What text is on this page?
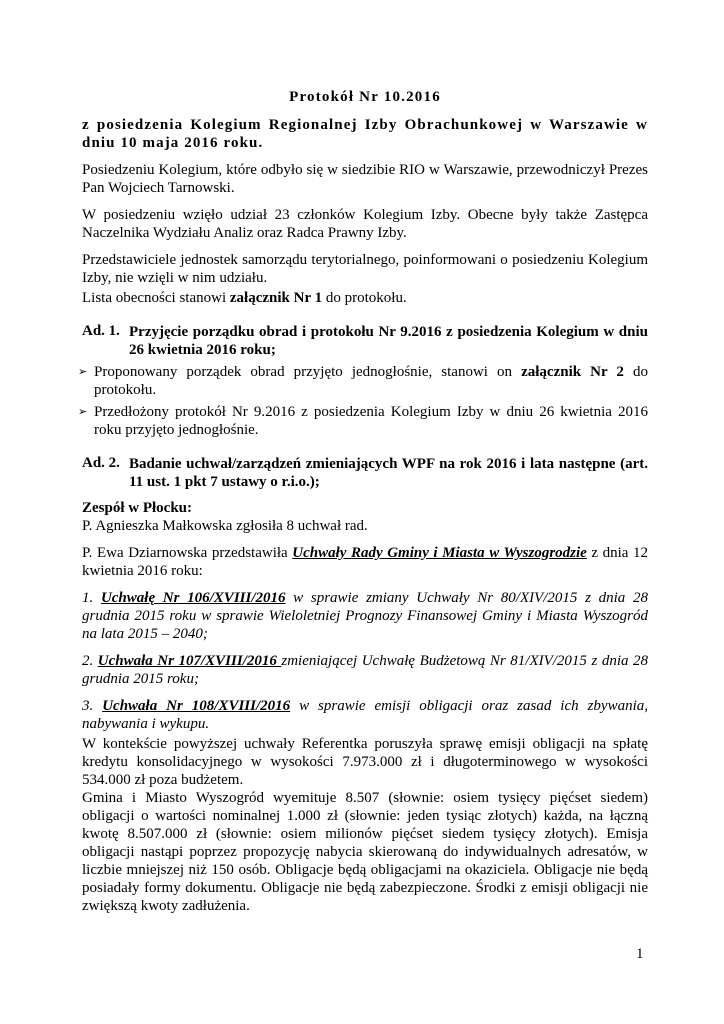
Protokół Nr 10.2016

z posiedzenia Kolegium Regionalnej Izby Obrachunkowej w Warszawie w dniu 10 maja 2016 roku.

Posiedzeniu Kolegium, które odbyło się w siedzibie RIO w Warszawie, przewodniczył Prezes Pan Wojciech Tarnowski.

W posiedzeniu wzięło udział 23 członków Kolegium Izby. Obecne były także Zastępca Naczelnika Wydziału Analiz oraz Radca Prawny Izby.

Przedstawiciele jednostek samorządu terytorialnego, poinformowani o posiedzeniu Kolegium Izby, nie wzięli w nim udziału.

Lista obecności stanowi załącznik Nr 1 do protokołu.

Ad. 1. Przyjęcie porządku obrad i protokołu Nr 9.2016 z posiedzenia Kolegium w dniu 26 kwietnia 2016 roku;
➢ Proponowany porządek obrad przyjęto jednogłośnie, stanowi on załącznik Nr 2 do protokołu.
➢ Przedłożony protokół Nr 9.2016 z posiedzenia Kolegium Izby w dniu 26 kwietnia 2016 roku przyjęto jednogłośnie.
Ad. 2. Badanie uchwał/zarządzeń zmieniających WPF na rok 2016 i lata następne (art. 11 ust. 1 pkt 7 ustawy o r.i.o.);

Zespół w Płocku:

P. Agnieszka Małkowska zgłosiła 8 uchwał rad.

P. Ewa Dziarnowska przedstawiła Uchwały Rady Gminy i Miasta w Wyszogrodzie z dnia 12 kwietnia 2016 roku:

1. Uchwałę Nr 106/XVIII/2016 w sprawie zmiany Uchwały Nr 80/XIV/2015 z dnia 28 grudnia 2015 roku w sprawie Wieloletniej Prognozy Finansowej Gminy i Miasta Wyszogród na lata 2015 – 2040;

2. Uchwała Nr 107/XVIII/2016 zmieniającej Uchwałę Budżetową Nr 81/XIV/2015 z dnia 28 grudnia 2015 roku;

3. Uchwała Nr 108/XVIII/2016 w sprawie emisji obligacji oraz zasad ich zbywania, nabywania i wykupu.

W kontekście powyższej uchwały Referentka poruszyła sprawę emisji obligacji na spłatę kredytu konsolidacyjnego w wysokości 7.973.000 zł i długoterminowego w wysokości 534.000 zł poza budżetem.

Gmina i Miasto Wyszogród wyemituje 8.507 (słownie: osiem tysięcy pięćset siedem) obligacji o wartości nominalnej 1.000 zł (słownie: jeden tysiąc złotych) każda, na łączną kwotę 8.507.000 zł (słownie: osiem milionów pięćset siedem tysięcy złotych). Emisja obligacji nastąpi poprzez propozycję nabycia skierowaną do indywidualnych adresatów, w liczbie mniejszej niż 150 osób. Obligacje będą obligacjami na okaziciela. Obligacje nie będą posiadały formy dokumentu. Obligacje nie będą zabezpieczone. Środki z emisji obligacji nie zwiększą kwoty zadłużenia.

1
